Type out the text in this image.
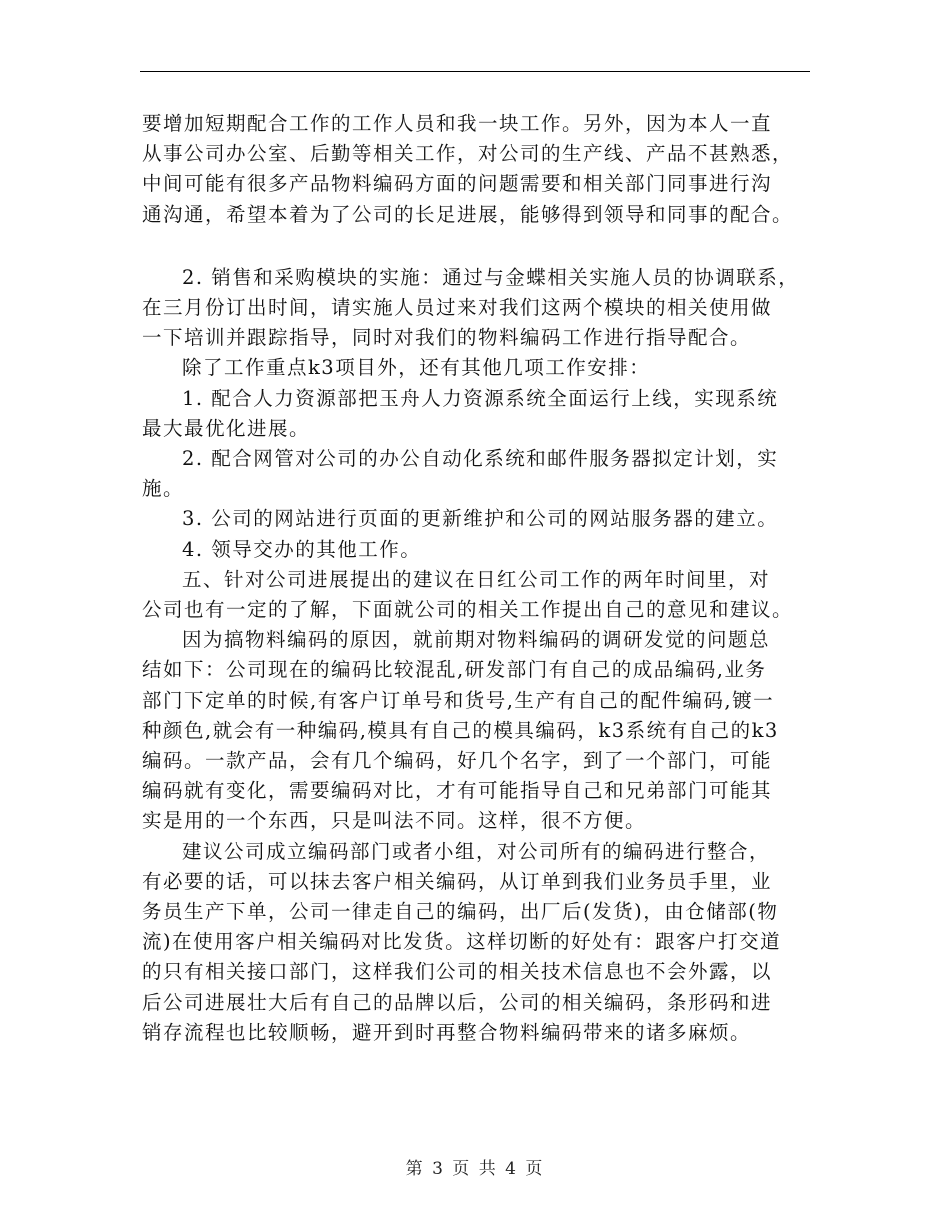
要增加短期配合工作的工作人员和我一块工作。另外，因为本人一直
从事公司办公室、后勤等相关工作，对公司的生产线、产品不甚熟悉，
中间可能有很多产品物料编码方面的问题需要和相关部门同事进行沟
通沟通，希望本着为了公司的长足进展，能够得到领导和同事的配合。
2. 销售和采购模块的实施：通过与金蝶相关实施人员的协调联系，
在三月份订出时间，请实施人员过来对我们这两个模块的相关使用做
一下培训并跟踪指导，同时对我们的物料编码工作进行指导配合。
除了工作重点k3项目外，还有其他几项工作安排：
1. 配合人力资源部把玉舟人力资源系统全面运行上线，实现系统
最大最优化进展。
2. 配合网管对公司的办公自动化系统和邮件服务器拟定计划，实
施。
3. 公司的网站进行页面的更新维护和公司的网站服务器的建立。
4. 领导交办的其他工作。
五、针对公司进展提出的建议在日红公司工作的两年时间里，对
公司也有一定的了解，下面就公司的相关工作提出自己的意见和建议。
因为搞物料编码的原因，就前期对物料编码的调研发觉的问题总
结如下：公司现在的编码比较混乱,研发部门有自己的成品编码,业务
部门下定单的时候,有客户订单号和货号,生产有自己的配件编码,镀一
种颜色,就会有一种编码,模具有自己的模具编码，k3系统有自己的k3
编码。一款产品，会有几个编码，好几个名字，到了一个部门，可能
编码就有变化，需要编码对比，才有可能指导自己和兄弟部门可能其
实是用的一个东西，只是叫法不同。这样，很不方便。
建议公司成立编码部门或者小组，对公司所有的编码进行整合，
有必要的话，可以抹去客户相关编码，从订单到我们业务员手里，业
务员生产下单，公司一律走自己的编码，出厂后(发货)，由仓储部(物
流)在使用客户相关编码对比发货。这样切断的好处有：跟客户打交道
的只有相关接口部门，这样我们公司的相关技术信息也不会外露，以
后公司进展壮大后有自己的品牌以后，公司的相关编码，条形码和进
销存流程也比较顺畅，避开到时再整合物料编码带来的诸多麻烦。
第 3 页 共 4 页
